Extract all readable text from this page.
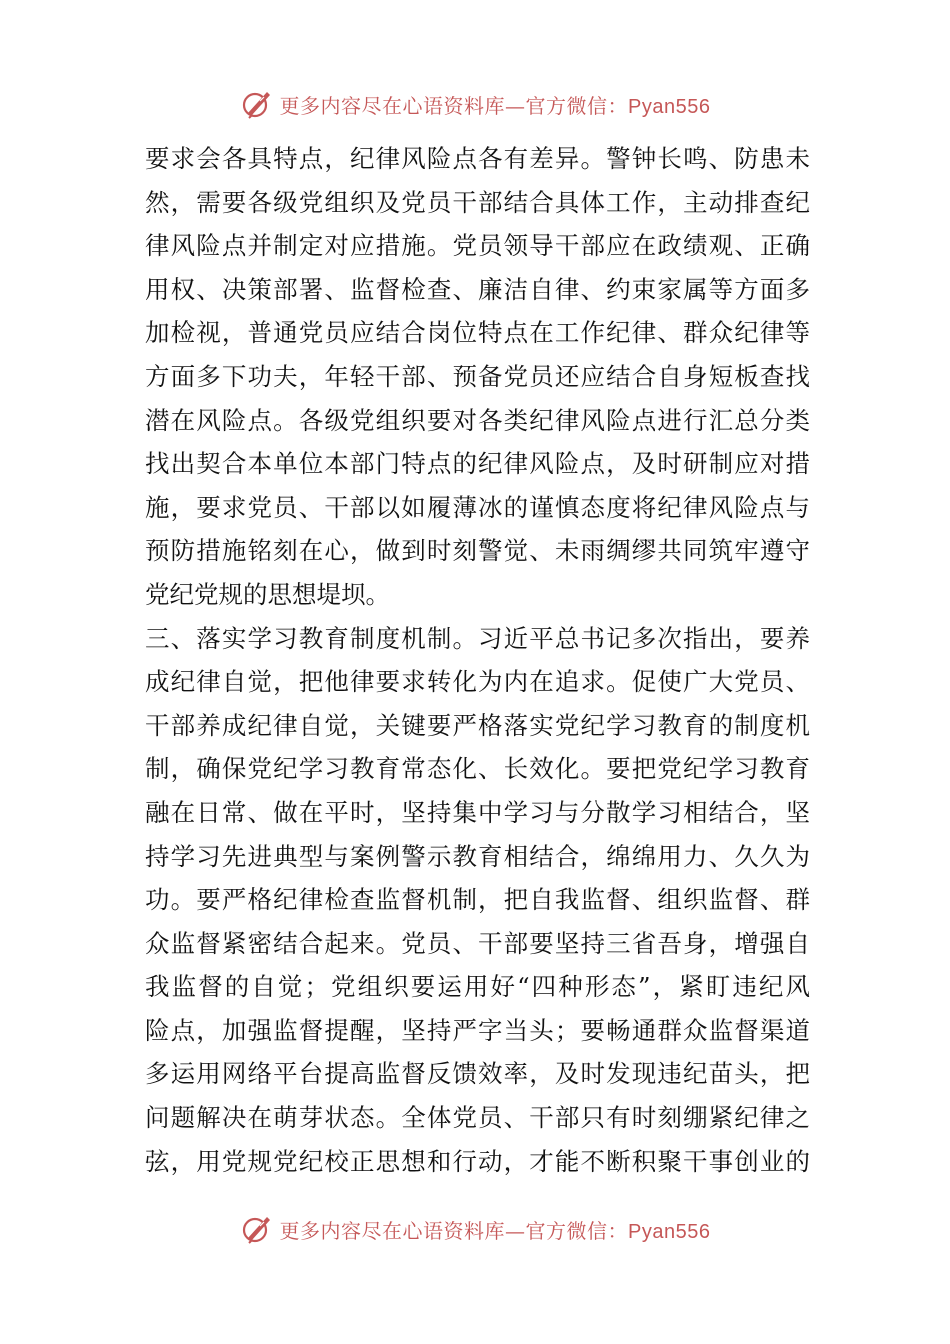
更多内容尽在心语资料库—官方微信：Pyan556
要求会各具特点，纪律风险点各有差异。警钟长鸣、防患未
然，需要各级党组织及党员干部结合具体工作，主动排查纪
律风险点并制定对应措施。党员领导干部应在政绩观、正确
用权、决策部署、监督检查、廉洁自律、约束家属等方面多
加检视，普通党员应结合岗位特点在工作纪律、群众纪律等
方面多下功夫，年轻干部、预备党员还应结合自身短板查找
潜在风险点。各级党组织要对各类纪律风险点进行汇总分类
找出契合本单位本部门特点的纪律风险点，及时研制应对措
施，要求党员、干部以如履薄冰的谨慎态度将纪律风险点与
预防措施铭刻在心，做到时刻警觉、未雨绸缪共同筑牢遵守
党纪党规的思想堤坝。
三、落实学习教育制度机制。习近平总书记多次指出，要养
成纪律自觉，把他律要求转化为内在追求。促使广大党员、
干部养成纪律自觉，关键要严格落实党纪学习教育的制度机
制，确保党纪学习教育常态化、长效化。要把党纪学习教育
融在日常、做在平时，坚持集中学习与分散学习相结合，坚
持学习先进典型与案例警示教育相结合，绵绵用力、久久为
功。要严格纪律检查监督机制，把自我监督、组织监督、群
众监督紧密结合起来。党员、干部要坚持三省吾身，增强自
我监督的自觉；党组织要运用好“四种形态”，紧盯违纪风
险点，加强监督提醒，坚持严字当头；要畅通群众监督渠道
多运用网络平台提高监督反馈效率，及时发现违纪苗头，把
问题解决在萌芽状态。全体党员、干部只有时刻绷紧纪律之
弦，用党规党纪校正思想和行动，才能不断积聚干事创业的
更多内容尽在心语资料库—官方微信：Pyan556
